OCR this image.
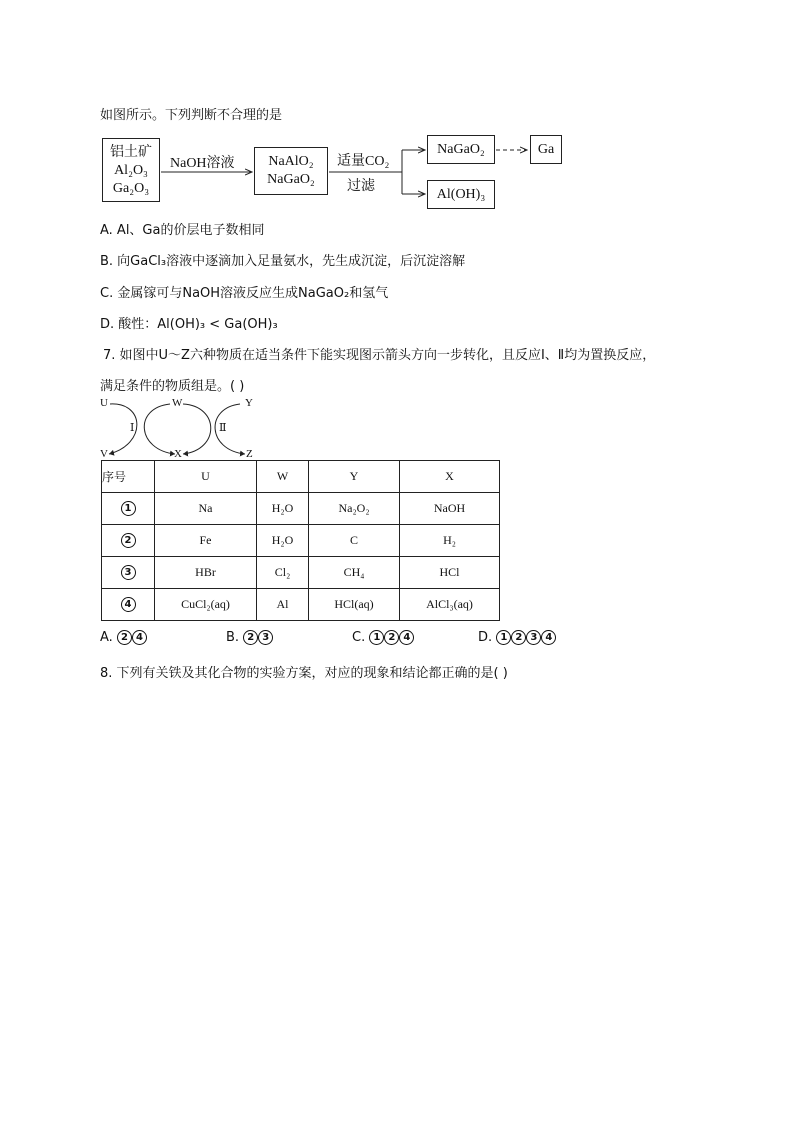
如图所示。下列判断不合理的是
铝土矿
Al₂O₃
Ga₂O₃
NaOH溶液	NaAlO₂
NaGaO₂
适量CO₂
过滤
NaGaO₂	Ga
Al(OH)₃
A. Al、Ga的价层电子数相同
B. 向GaCl₃溶液中逐滴加入足量氨水，先生成沉淀，后沉淀溶解
C. 金属镓可与NaOH溶液反应生成NaGaO₂和氢气
D. 酸性：Al(OH)₃ < Ga(OH)₃
7. 如图中U～Z六种物质在适当条件下能实现图示箭头方向一步转化，且反应Ⅰ、Ⅱ均为置换反应，
满足条件的物质组是。( )
U	W	Y
V	X	Z
Ⅰ	Ⅱ
序号	U	W	Y	X
1	Na	H₂O	Na₂O₂	NaOH
2	Fe	H₂O	C	H₂
3	HBr	Cl₂	CH₄	HCl
4	CuCl₂(aq)	Al	HCl(aq)	AlCl₃(aq)
A. 2 4	B. 2 3	C. 1 2 4	D. 1 2 3 4
8. 下列有关铁及其化合物的实验方案，对应的现象和结论都正确的是( )
